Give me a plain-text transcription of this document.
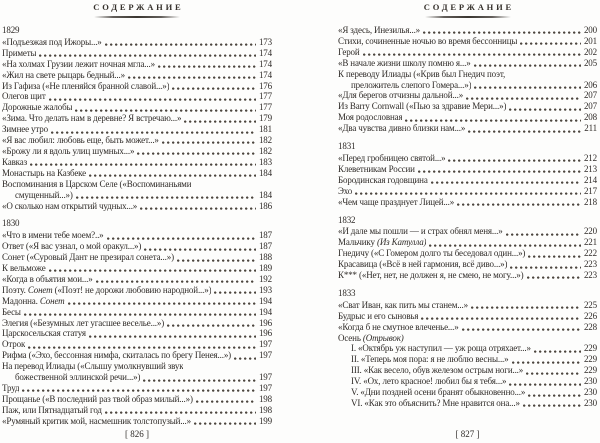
СОДЕРЖАНИЕ
1829
«Подъезжая под Ижоры...»	173
Приметы	174
«На холмах Грузии лежит ночная мгла...»	174
«Жил на свете рыцарь бедный...»	174
Из Гафиза («Не пленяйся бранной славой...»)	176
Олегов щит	177
Дорожные жалобы	177
«Зима. Что делать нам в деревне? Я встречаю...»	179
Зимнее утро	181
«Я вас любил: любовь еще, быть может...»	182
«Брожу ли я вдоль улиц шумных...»	182
Кавказ	183
Монастырь на Казбеке	184
Воспоминания в Царском Селе («Воспоминаньями
смущенный...»)	184
«О сколько нам открытий чудных...»	186
1830
«Что в имени тебе моем?..»	187
Ответ («Я вас узнал, о мой оракул...»)	187
Сонет («Суровый Дант не презирал сонета...»)	188
К вельможе	189
«Когда в объятия мои...»	192
Поэту. Сонет («Поэт! не дорожи любовию народной...»)	193
Мадонна. Сонет	194
Бесы	194
Элегия («Безумных лет угасшее веселье...»)	196
Царскосельская статуя	196
Отрок	197
Рифма («Эхо, бессонная нимфа, скиталась по брегу Пенея...»)	197
На перевод Илиады («Слышу умолкнувший звук
божественной эллинской речи...»)	197
Труд	197
Прощанье («В последний раз твой образ милый...»)	198
Паж, или Пятнадцатый год	198
«Румяный критик мой, насмешник толстопузый...»	199
[ 826 ]
СОДЕРЖАНИЕ
«Я здесь, Инезилья...»	200
Стихи, сочиненные ночью во время бессонницы	201
Герой	202
«В начале жизни школу помню я...»	205
К переводу Илиады («Крив был Гнедич поэт,
преложитель слепого Гомера...»)	206
«Для берегов отчизны дальной...»	207
Из Barry Cornwall («Пью за здравие Мери...»)	207
Моя родословная	208
«Два чувства дивно близки нам...»	211
1831
«Перед гробницею святой...»	212
Клеветникам России	213
Бородинская годовщина	214
Эхо	217
«Чем чаще празднует Лицей...»	218
1832
«И дале мы пошли — и страх обнял меня...»	220
Мальчику (Из Катулла)	221
Гнедичу («С Гомером долго ты беседовал один...»)	222
Красавица («Всё в ней гармония, всё диво...»)	223
К*** («Нет, нет, не должен я, не смею, не могу...»)	223
1833
«Сват Иван, как пить мы станем...»	225
Будрыс и его сыновья	226
«Когда б не смутное влеченье...»	228
Осень (Отрывок)
I. «Октябрь уж наступил — уж роща отряхает...»	229
II. «Теперь моя пора: я не люблю весны...»	229
III. «Как весело, обув железом острым ноги...»	229
IV. «Ох, лето красное! любил бы я тебя...»	230
V. «Дни поздней осени бранят обыкновенно...»	230
VI. «Как это объяснить? Мне нравится она...»	230
[ 827 ]
